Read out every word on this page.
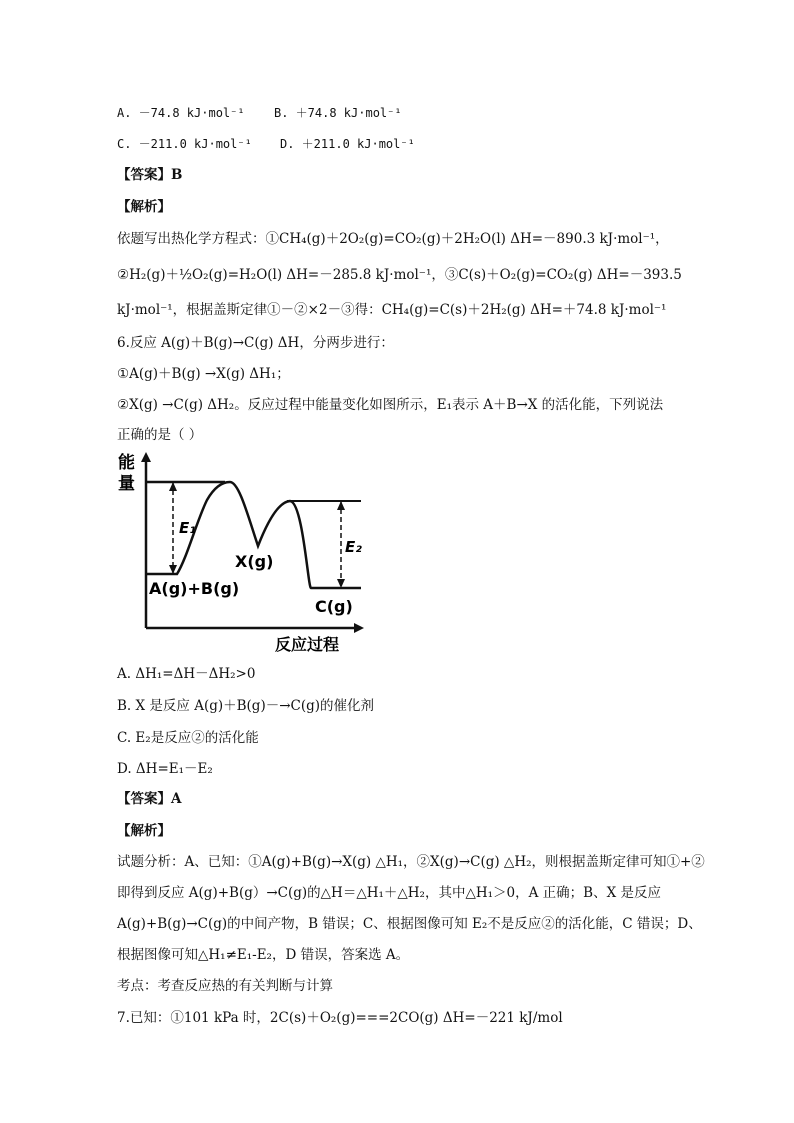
A. －74.8 kJ·mol⁻¹ B. ＋74.8 kJ·mol⁻¹
C. －211.0 kJ·mol⁻¹ D. ＋211.0 kJ·mol⁻¹
【答案】B
【解析】
依题写出热化学方程式：①CH₄(g)＋2O₂(g)=CO₂(g)＋2H₂O(l) ΔH=－890.3 kJ·mol⁻¹，
②H₂(g)＋½O₂(g)=H₂O(l) ΔH=－285.8 kJ·mol⁻¹，③C(s)＋O₂(g)=CO₂(g) ΔH=－393.5
kJ·mol⁻¹，根据盖斯定律①－②×2－③得：CH₄(g)=C(s)＋2H₂(g) ΔH=＋74.8 kJ·mol⁻¹
6.反应 A(g)＋B(g)→C(g) ΔH，分两步进行：
①A(g)＋B(g) →X(g) ΔH₁；
②X(g) →C(g) ΔH₂。反应过程中能量变化如图所示，E₁表示 A＋B→X 的活化能，下列说法
正确的是（ ）
能
量
E₁
E₂
X(g)
A(g)+B(g)
C(g)
反应过程
A. ΔH₁=ΔH－ΔH₂>0
B. X 是反应 A(g)＋B(g)－→C(g)的催化剂
C. E₂是反应②的活化能
D. ΔH=E₁－E₂
【答案】A
【解析】
试题分析：A、已知：①A(g)+B(g)→X(g) △H₁，②X(g)→C(g) △H₂，则根据盖斯定律可知①+②
即得到反应 A(g)+B(g）→C(g)的△H＝△H₁＋△H₂，其中△H₁＞0，A 正确；B、X 是反应
A(g)+B(g)→C(g)的中间产物，B 错误；C、根据图像可知 E₂不是反应②的活化能，C 错误；D、
根据图像可知△H₁≠E₁-E₂，D 错误，答案选 A。
考点：考查反应热的有关判断与计算
7.已知：①101 kPa 时，2C(s)＋O₂(g)===2CO(g) ΔH=－221 kJ/mol
